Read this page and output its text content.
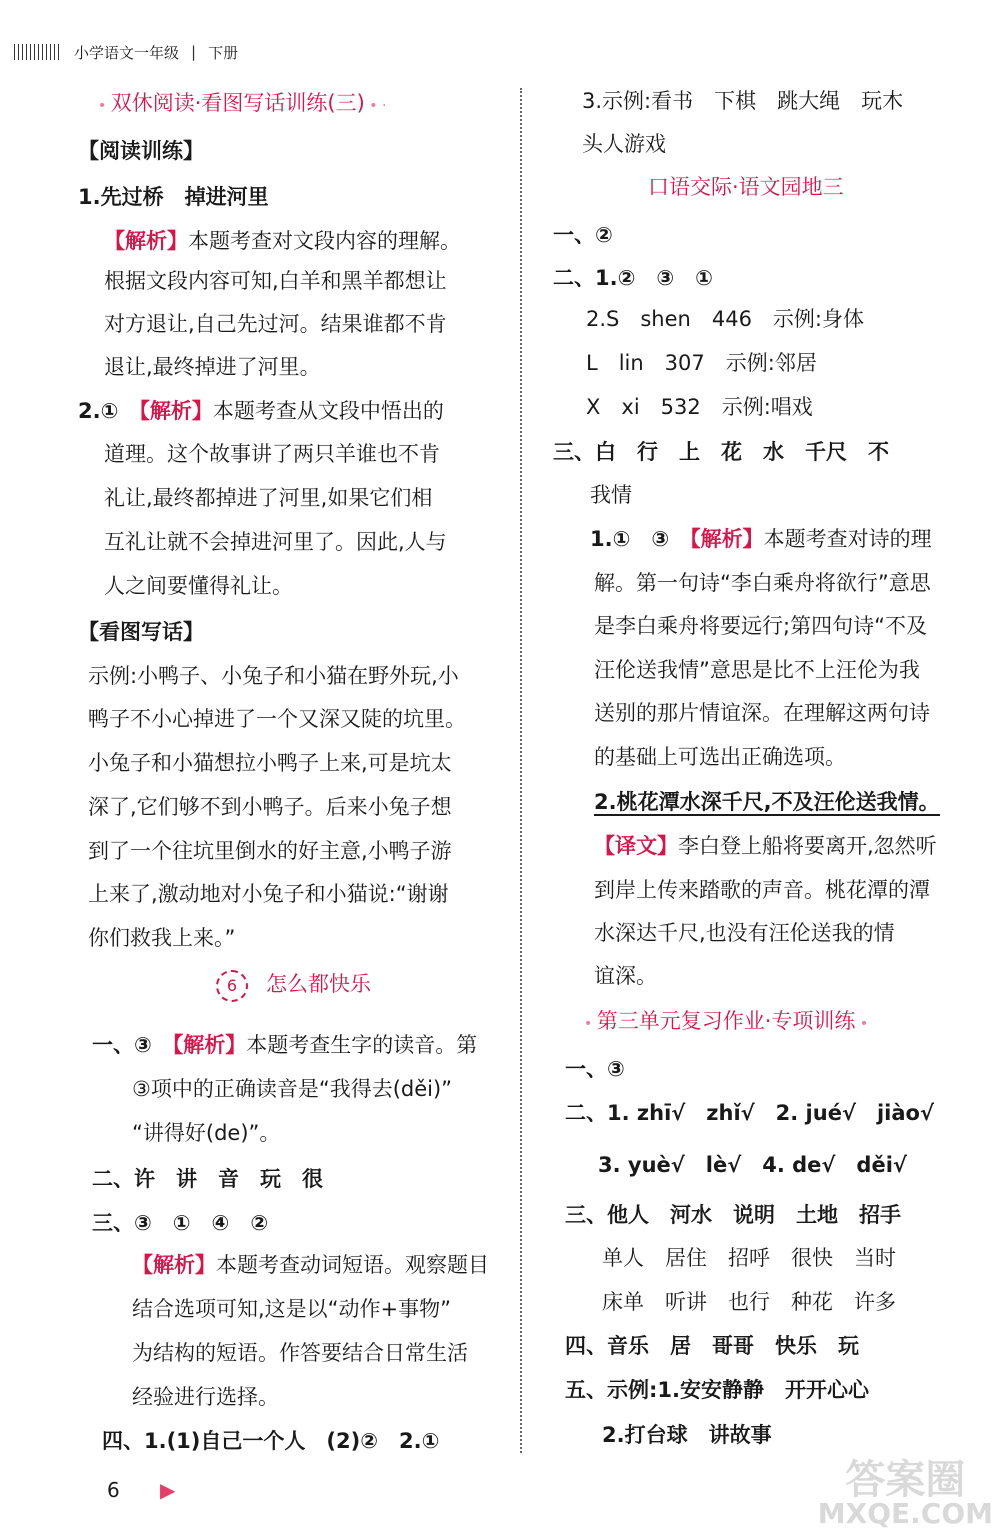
小学语文一年级 | 下册
• 双休阅读·看图写话训练(三) • ·
【阅读训练】
1.先过桥　掉进河里
【解析】本题考查对文段内容的理解。
根据文段内容可知,白羊和黑羊都想让
对方退让,自己先过河。结果谁都不肯
退让,最终掉进了河里。
2.①　 【解析】本题考查从文段中悟出的
道理。这个故事讲了两只羊谁也不肯
礼让,最终都掉进了河里,如果它们相
互礼让就不会掉进河里了。因此,人与
人之间要懂得礼让。
【看图写话】
示例:小鸭子、小兔子和小猫在野外玩,小
鸭子不小心掉进了一个又深又陡的坑里。
小兔子和小猫想拉小鸭子上来,可是坑太
深了,它们够不到小鸭子。后来小兔子想
到了一个往坑里倒水的好主意,小鸭子游
上来了,激动地对小兔子和小猫说:“谢谢
你们救我上来。”
6 怎么都快乐
一、③　 【解析】本题考查生字的读音。第
③项中的正确读音是“我得去(děi)”
“讲得好(de)”。
二、许　讲　音　玩　很
三、③　①　④　②
【解析】本题考查动词短语。观察题目
结合选项可知,这是以“动作+事物”
为结构的短语。作答要结合日常生活
经验进行选择。
四、1.(1)自己一个人　(2)②　2.①
3.示例:看书　下棋　跳大绳　玩木
头人游戏
口语交际·语文园地三
一、②
二、1.②　③　①
2.S　shen　446　示例:身体
L　lin　307　示例:邻居
X　xi　532　示例:唱戏
三、白　行　上　花　水　千尺　不
我情
1.①　③　 【解析】本题考查对诗的理
解。第一句诗“李白乘舟将欲行”意思
是李白乘舟将要远行;第四句诗“不及
汪伦送我情”意思是比不上汪伦为我
送别的那片情谊深。在理解这两句诗
的基础上可选出正确选项。
2.桃花潭水深千尺,不及汪伦送我情。
【译文】李白登上船将要离开,忽然听
到岸上传来踏歌的声音。桃花潭的潭
水深达千尺,也没有汪伦送我的情
谊深。
• 第三单元复习作业·专项训练 •
一、③
二、1. zhī√　zhǐ√　2. jué√　jiào√
3. yuè√　lè√　4. de√　děi√
三、他人　河水　说明　土地　招手
单人　居住　招呼　很快　当时
床单　听讲　也行　种花　许多
四、音乐　居　哥哥　快乐　玩
五、示例:1.安安静静　开开心心
2.打台球　讲故事
6 ▶	答案圈
MXQE.COM
